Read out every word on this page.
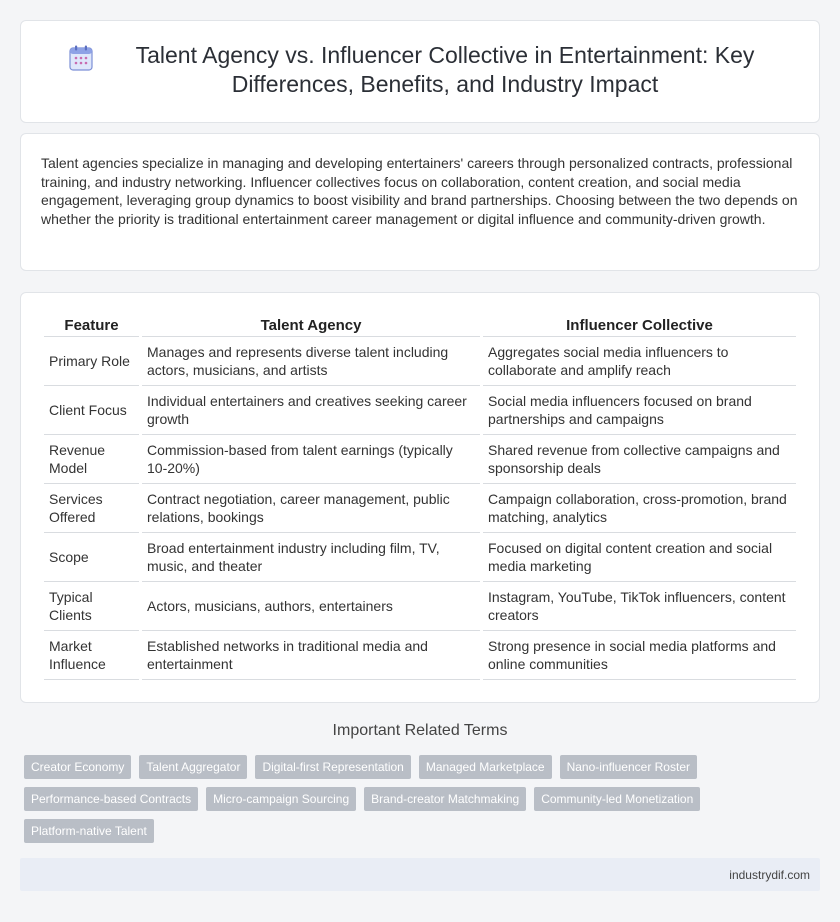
Talent Agency vs. Influencer Collective in Entertainment: Key Differences, Benefits, and Industry Impact

Talent agencies specialize in managing and developing entertainers' careers through personalized contracts, professional training, and industry networking. Influencer collectives focus on collaboration, content creation, and social media engagement, leveraging group dynamics to boost visibility and brand partnerships. Choosing between the two depends on whether the priority is traditional entertainment career management or digital influence and community-driven growth.

Feature	Talent Agency	Influencer Collective
Primary Role	Manages and represents diverse talent including actors, musicians, and artists	Aggregates social media influencers to collaborate and amplify reach
Client Focus	Individual entertainers and creatives seeking career growth	Social media influencers focused on brand partnerships and campaigns
Revenue Model	Commission-based from talent earnings (typically 10-20%)	Shared revenue from collective campaigns and sponsorship deals
Services Offered	Contract negotiation, career management, public relations, bookings	Campaign collaboration, cross-promotion, brand matching, analytics
Scope	Broad entertainment industry including film, TV, music, and theater	Focused on digital content creation and social media marketing
Typical Clients	Actors, musicians, authors, entertainers	Instagram, YouTube, TikTok influencers, content creators
Market Influence	Established networks in traditional media and entertainment	Strong presence in social media platforms and online communities
Important Related Terms
Creator Economy	Talent Aggregator	Digital-first Representation	Managed Marketplace	Nano-influencer Roster
Performance-based Contracts	Micro-campaign Sourcing	Brand-creator Matchmaking	Community-led Monetization
Platform-native Talent
industrydif.com
